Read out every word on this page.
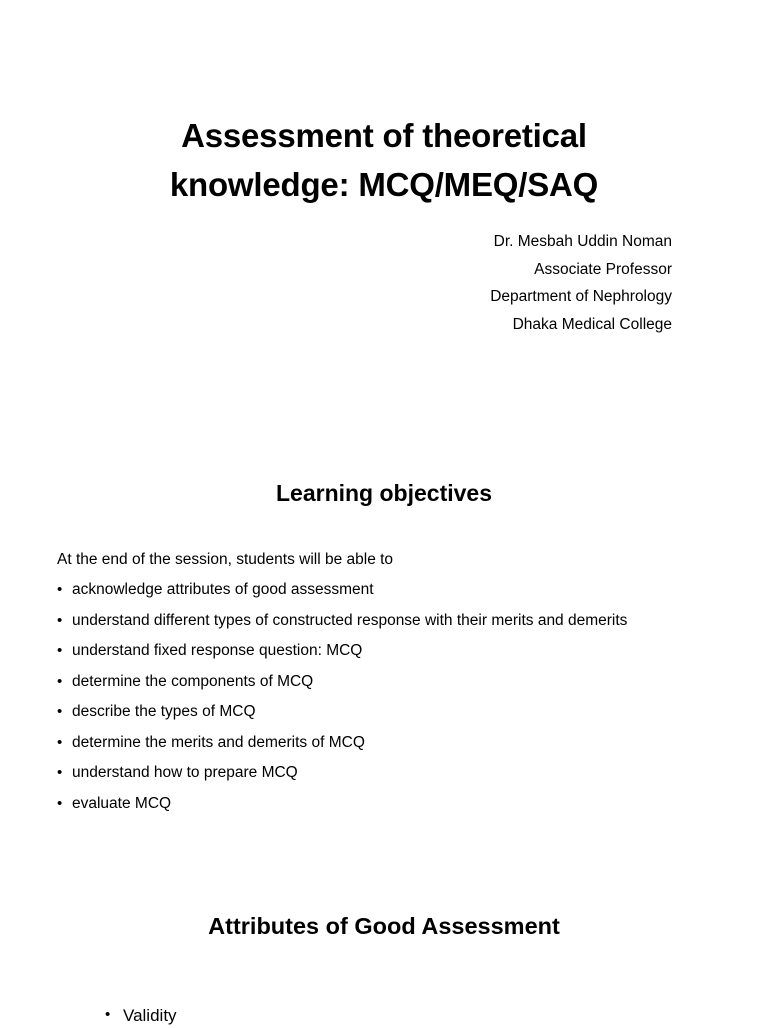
Assessment of theoretical
knowledge: MCQ/MEQ/SAQ
Dr. Mesbah Uddin Noman
Associate Professor
Department of Nephrology
Dhaka Medical College
Learning objectives
At the end of the session, students will be able to
• acknowledge attributes of good assessment
• understand different types of constructed response with their merits and demerits
• understand fixed response question: MCQ
• determine the components of MCQ
• describe the types of MCQ
• determine the merits and demerits of MCQ
• understand how to prepare MCQ
• evaluate MCQ
Attributes of Good Assessment
• Validity
